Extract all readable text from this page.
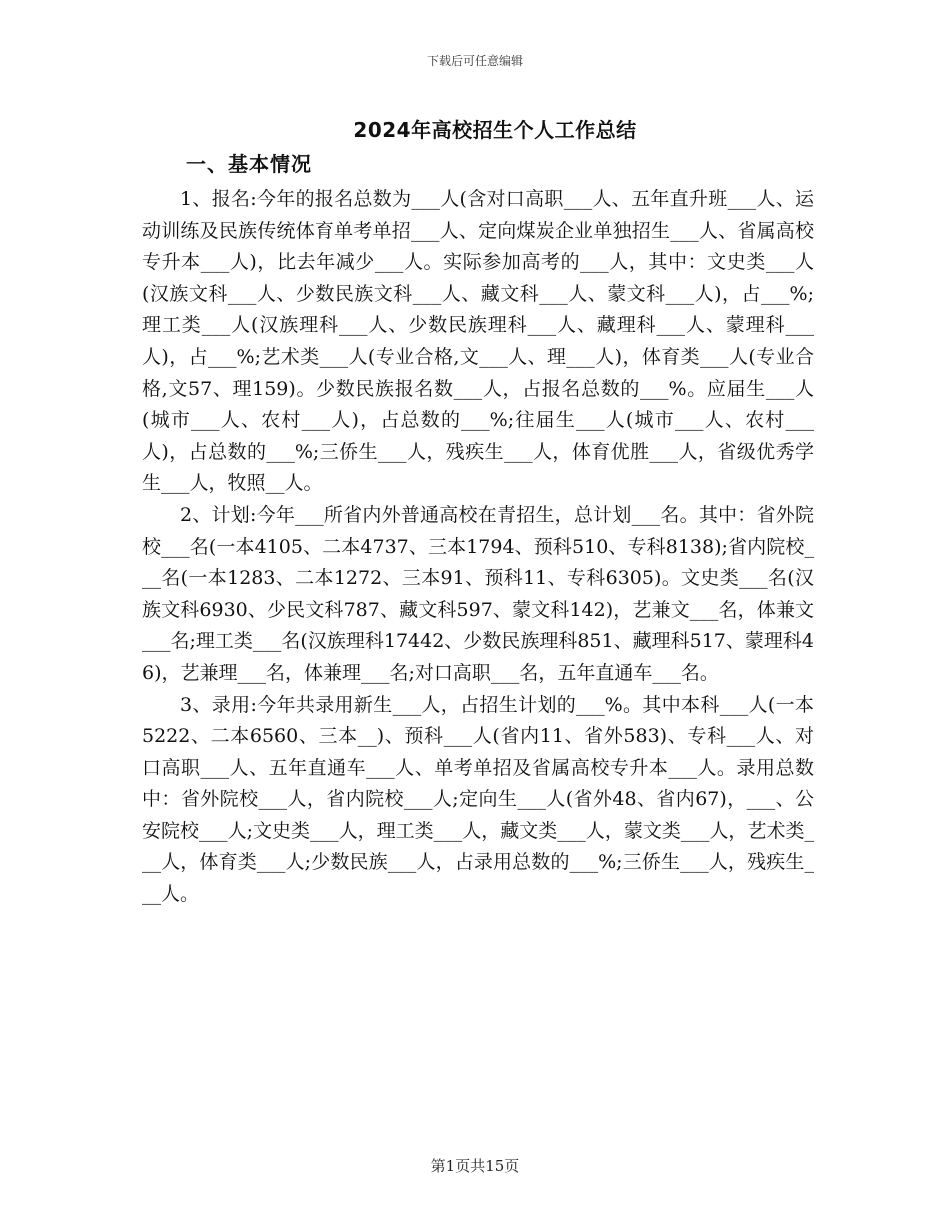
下载后可任意编辑
2024年高校招生个人工作总结
一、基本情况

1、报名:今年的报名总数为___人(含对口高职___人、五年直升班___人、运动训练及民族传统体育单考单招___人、定向煤炭企业单独招生___人、省属高校专升本___人)，比去年减少___人。实际参加高考的___人，其中：文史类___人(汉族文科___人、少数民族文科___人、藏文科___人、蒙文科___人)，占___%;理工类___人(汉族理科___人、少数民族理科___人、藏理科___人、蒙理科___人)，占___%;艺术类___人(专业合格,文___人、理___人)，体育类___人(专业合格,文57、理159)。少数民族报名数___人，占报名总数的___%。应届生___人(城市___人、农村___人)，占总数的___%;往届生___人(城市___人、农村___人)，占总数的___%;三侨生___人，残疾生___人，体育优胜___人，省级优秀学生___人，牧照__人。

2、计划:今年___所省内外普通高校在青招生，总计划___名。其中：省外院校___名(一本4105、二本4737、三本1794、预科510、专科8138);省内院校___名(一本1283、二本1272、三本91、预科11、专科6305)。文史类___名(汉族文科6930、少民文科787、藏文科597、蒙文科142)，艺兼文___名，体兼文___名;理工类___名(汉族理科17442、少数民族理科851、藏理科517、蒙理科46)，艺兼理___名，体兼理___名;对口高职___名，五年直通车___名。

3、录用:今年共录用新生___人，占招生计划的___%。其中本科___人(一本5222、二本6560、三本__)、预科___人(省内11、省外583)、专科___人、对口高职___人、五年直通车___人、单考单招及省属高校专升本___人。录用总数中：省外院校___人，省内院校___人;定向生___人(省外48、省内67)，___、公安院校___人;文史类___人，理工类___人，藏文类___人，蒙文类___人，艺术类___人，体育类___人;少数民族___人，占录用总数的___%;三侨生___人，残疾生___人。

第1页共15页
